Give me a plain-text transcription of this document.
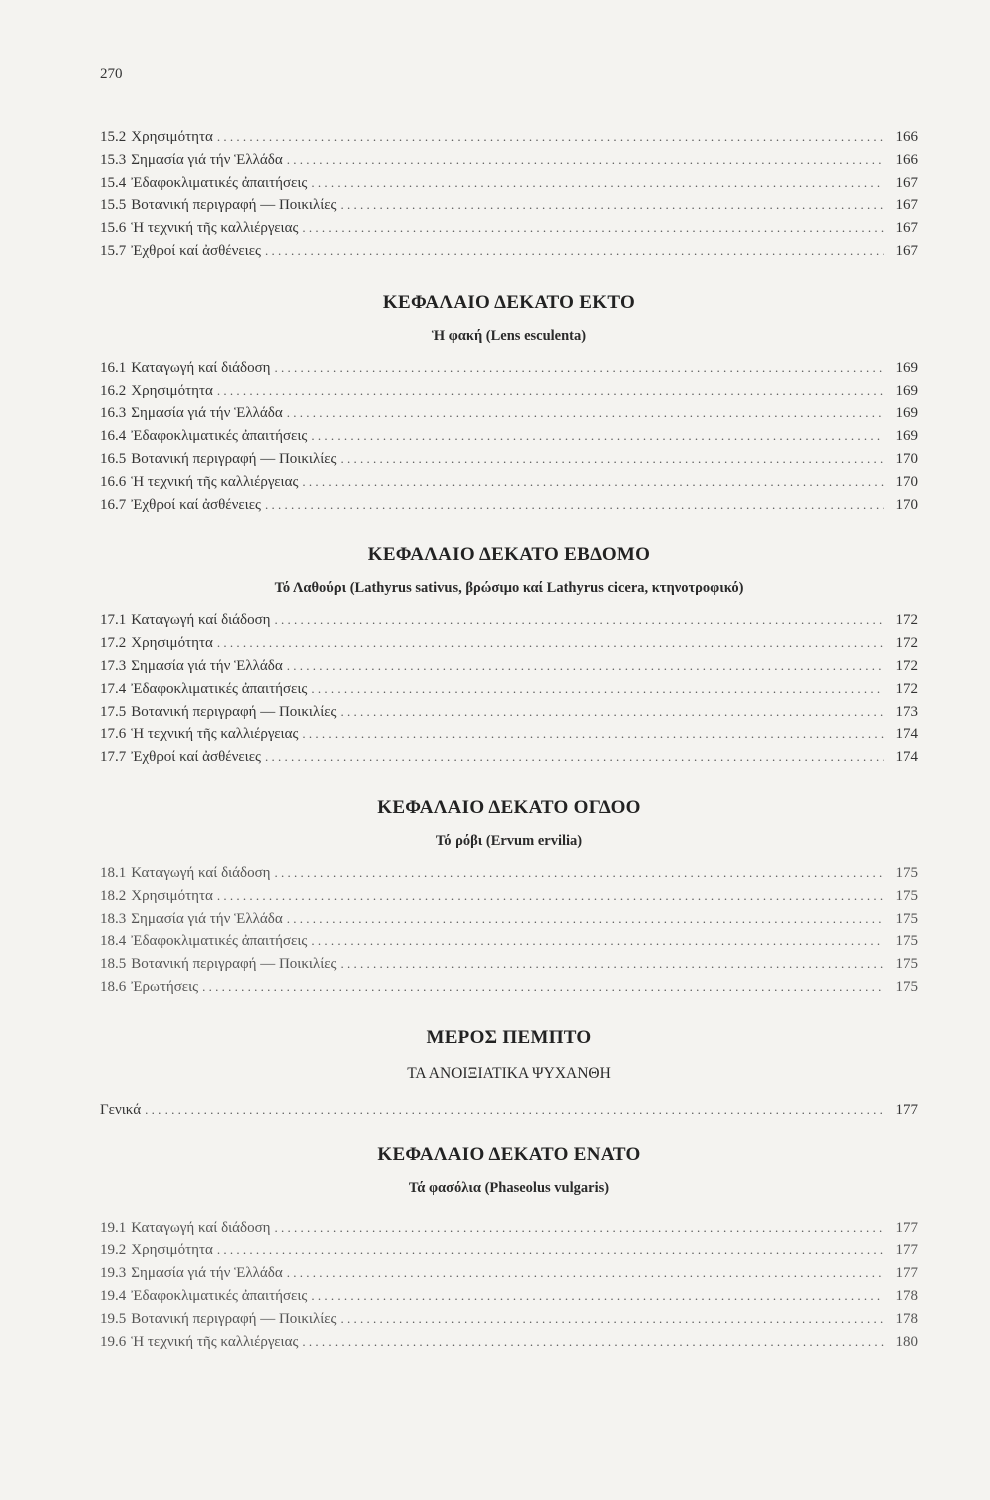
270
15.2 Χρησιμότητα . . .	166
15.3 Σημασία γιά τήν Ἑλλάδα . . .	166
15.4 Ἐδαφοκλιματικές ἀπαιτήσεις . . .	167
15.5 Βοτανική περιγραφή — Ποικιλίες . . .	167
15.6 Ἡ τεχνική τῆς καλλιέργειας . . .	167
15.7 Ἐχθροί καί ἀσθένειες . . .	167
ΚΕΦΑΛΑΙΟ ΔΕΚΑΤΟ ΕΚΤΟ

Ἡ φακή (Lens esculenta)

16.1 Καταγωγή καί διάδοση . . .	169
16.2 Χρησιμότητα . . .	169
16.3 Σημασία γιά τήν Ἑλλάδα . . .	169
16.4 Ἐδαφοκλιματικές ἀπαιτήσεις . . .	169
16.5 Βοτανική περιγραφή — Ποικιλίες . . .	170
16.6 Ἡ τεχνική τῆς καλλιέργειας . . .	170
16.7 Ἐχθροί καί ἀσθένειες . . .	170
ΚΕΦΑΛΑΙΟ ΔΕΚΑΤΟ ΕΒΔΟΜΟ

Τό Λαθούρι (Lathyrus sativus, βρώσιμο καί Lathyrus cicera, κτηνοτροφικό)

17.1 Καταγωγή καί διάδοση . . .	172
17.2 Χρησιμότητα . . .	172
17.3 Σημασία γιά τήν Ἑλλάδα . . .	172
17.4 Ἐδαφοκλιματικές ἀπαιτήσεις . . .	172
17.5 Βοτανική περιγραφή — Ποικιλίες . . .	173
17.6 Ἡ τεχνική τῆς καλλιέργειας . . .	174
17.7 Ἐχθροί καί ἀσθένειες . . .	174
ΚΕΦΑΛΑΙΟ ΔΕΚΑΤΟ ΟΓΔΟΟ

Τό ρόβι (Ervum ervilia)

18.1 Καταγωγή καί διάδοση . . .	175
18.2 Χρησιμότητα . . .	175
18.3 Σημασία γιά τήν Ἑλλάδα . . .	175
18.4 Ἐδαφοκλιματικές ἀπαιτήσεις . . .	175
18.5 Βοτανική περιγραφή — Ποικιλίες . . .	175
18.6 Ἐρωτήσεις . . .	175
ΜΕΡΟΣ ΠΕΜΠΤΟ

ΤΑ ΑΝΟΙΞΙΑΤΙΚΑ ΨΥΧΑΝΘΗ

Γενικά . . .	177
ΚΕΦΑΛΑΙΟ ΔΕΚΑΤΟ ΕΝΑΤΟ

Τά φασόλια (Phaseolus vulgaris)

19.1 Καταγωγή καί διάδοση . . .	177
19.2 Χρησιμότητα . . .	177
19.3 Σημασία γιά τήν Ἑλλάδα . . .	177
19.4 Ἐδαφοκλιματικές ἀπαιτήσεις . . .	178
19.5 Βοτανική περιγραφή — Ποικιλίες . . .	178
19.6 Ἡ τεχνική τῆς καλλιέργειας . . .	180
